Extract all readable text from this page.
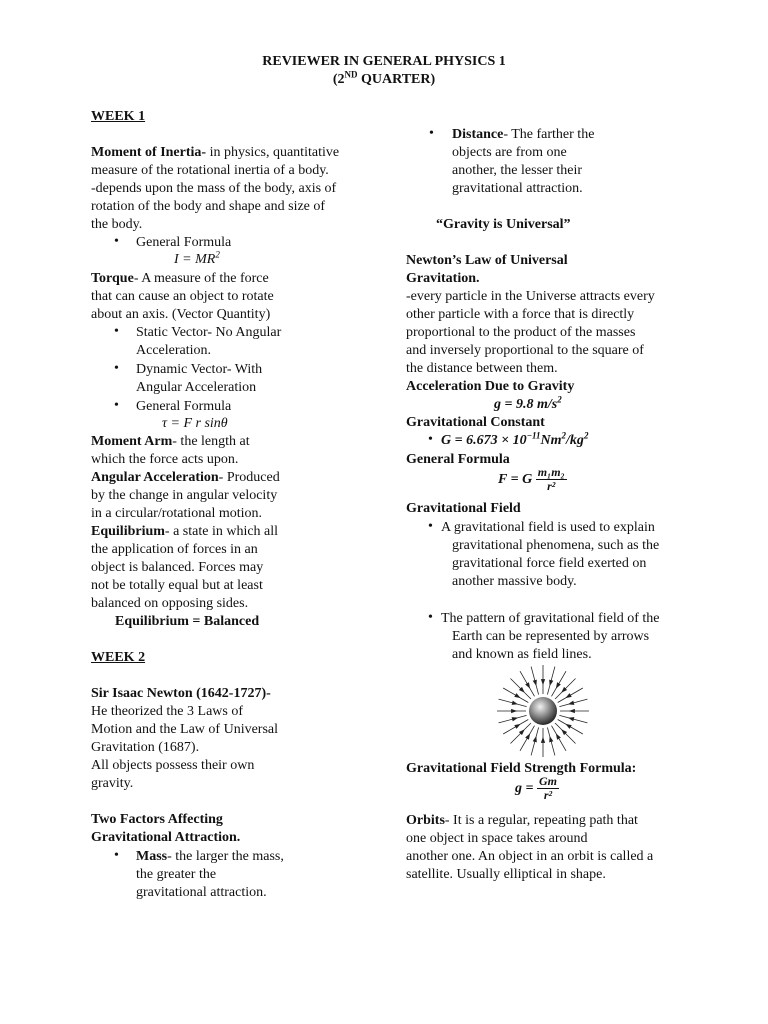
REVIEWER IN GENERAL PHYSICS 1
(2ND QUARTER)
WEEK 1
Moment of Inertia- in physics, quantitative
measure of the rotational inertia of a body.
-depends upon the mass of the body, axis of
rotation of the body and shape and size of
the body.
• General Formula
$I = MR^2$
Torque- A measure of the force
that can cause an object to rotate
about an axis. (Vector Quantity)
• Static Vector- No Angular
Acceleration.
• Dynamic Vector- With
Angular Acceleration
• General Formula
τ = F r sinθ
Moment Arm- the length at
which the force acts upon.
Angular Acceleration- Produced
by the change in angular velocity
in a circular/rotational motion.
Equilibrium- a state in which all
the application of forces in an
object is balanced. Forces may
not be totally equal but at least
balanced on opposing sides.
Equilibrium = Balanced
WEEK 2
Sir Isaac Newton (1642-1727)-
He theorized the 3 Laws of
Motion and the Law of Universal
Gravitation (1687).
All objects possess their own
gravity.
Two Factors Affecting
Gravitational Attraction.
• Mass- the larger the mass,
the greater the
gravitational attraction.
• Distance- The farther the
objects are from one
another, the lesser their
gravitational attraction.
“Gravity is Universal”
Newton’s Law of Universal
Gravitation.
-every particle in the Universe attracts every
other particle with a force that is directly
proportional to the product of the masses
and inversely proportional to the square of
the distance between them.
Acceleration Due to Gravity
g = 9.8 $m/s^2$
Gravitational Constant
• $G = 6.673 \times 10^{-11}Nm^2/kg^2$
General Formula
F = G $\frac{\text{m₁m₂}}{\text{r²}}$
Gravitational Field
• A gravitational field is used to explain
gravitational phenomena, such as the
gravitational force field exerted on
another massive body.
• The pattern of gravitational field of the
Earth can be represented by arrows
and known as field lines.
Gravitational Field Strength Formula:
$g = \frac{Gm}{\text{r²}}$
Orbits- It is a regular, repeating path that
one object in space takes around
another one. An object in an orbit is called a
satellite. Usually elliptical in shape.
